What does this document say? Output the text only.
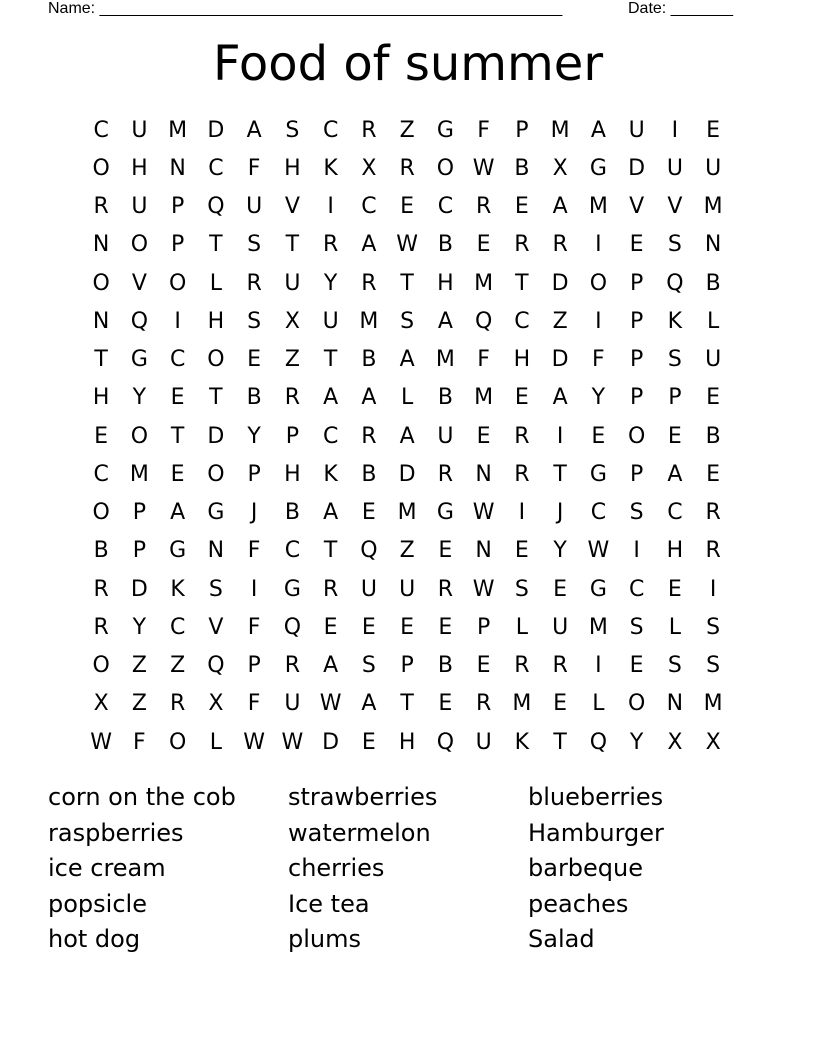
Name: ____________________________________________________	Date: _______
Food of summer
C	U M D	A	S	C	R	Z	G	F	P	M A	U	I	E
O H N	C	F	H	K	X	R O W B	X	G D U	U
R	U	P	Q U	V	I	C	E	C	R	E	A M V	V M
N O	P	T	S	T	R	A W B	E	R	R	I	E	S	N
O	V	O	L	R	U	Y	R	T	H M	T	D O	P	Q	B
N Q	I	H	S	X	U M S	A	Q C	Z	I	P	K	L
T	G	C O	E	Z	T	B	A M	F	H D	F	P	S	U
H	Y	E	T	B	R	A	A	L	B M E	A	Y	P	P	E
E	O	T	D	Y	P	C	R	A	U	E	R	I	E	O	E	B
C M E	O	P	H	K	B	D	R	N	R	T	G	P	A	E
O	P	A	G	J	B	A	E M G W	I	J	C	S	C	R
B	P	G N	F	C	T	Q	Z	E	N	E	Y W	I	H	R
R	D	K	S	I	G	R	U	U	R W S	E	G	C	E	I
R	Y	C	V	F	Q	E	E	E	E	P	L	U M S	L	S
O	Z	Z	Q	P	R	A	S	P	B	E	R	R	I	E	S	S
X	Z	R	X	F	U W A	T	E	R M E	L	O N M
W F	O	L W W D	E	H Q U	K	T	Q	Y	X	X
corn on the cob
raspberries
ice cream
popsicle
hot dog
strawberries
watermelon
cherries
Ice tea
plums
blueberries
Hamburger
barbeque
peaches
Salad
